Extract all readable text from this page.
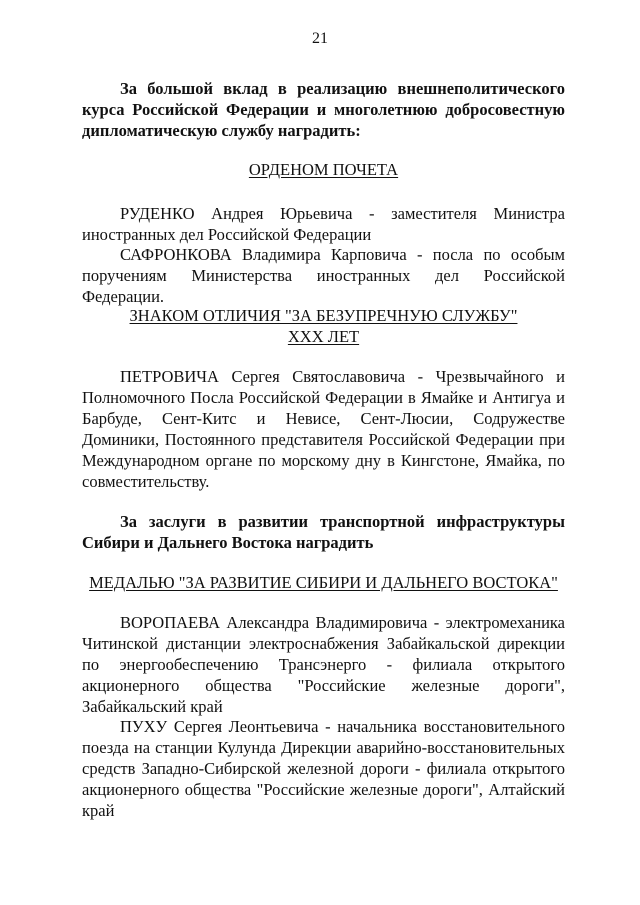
21
За большой вклад в реализацию внешнеполитического курса Российской Федерации и многолетнюю добросовестную дипломатическую службу наградить:
ОРДЕНОМ ПОЧЕТА
РУДЕНКО Андрея Юрьевича - заместителя Министра иностранных дел Российской Федерации
САФРОНКОВА Владимира Карповича - посла по особым поручениям Министерства иностранных дел Российской Федерации.
ЗНАКОМ ОТЛИЧИЯ "ЗА БЕЗУПРЕЧНУЮ СЛУЖБУ"
XXX ЛЕТ
ПЕТРОВИЧА Сергея Святославовича - Чрезвычайного и Полномочного Посла Российской Федерации в Ямайке и Антигуа и Барбуде, Сент-Китс и Невисе, Сент-Люсии, Содружестве Доминики, Постоянного представителя Российской Федерации при Международном органе по морскому дну в Кингстоне, Ямайка, по совместительству.
За заслуги в развитии транспортной инфраструктуры Сибири и Дальнего Востока наградить
МЕДАЛЬЮ "ЗА РАЗВИТИЕ СИБИРИ И ДАЛЬНЕГО ВОСТОКА"
ВОРОПАЕВА Александра Владимировича - электромеханика Читинской дистанции электроснабжения Забайкальской дирекции по энергообеспечению Трансэнерго - филиала открытого акционерного общества "Российские железные дороги", Забайкальский край
ПУХУ Сергея Леонтьевича - начальника восстановительного поезда на станции Кулунда Дирекции аварийно-восстановительных средств Западно-Сибирской железной дороги - филиала открытого акционерного общества "Российские железные дороги", Алтайский край
